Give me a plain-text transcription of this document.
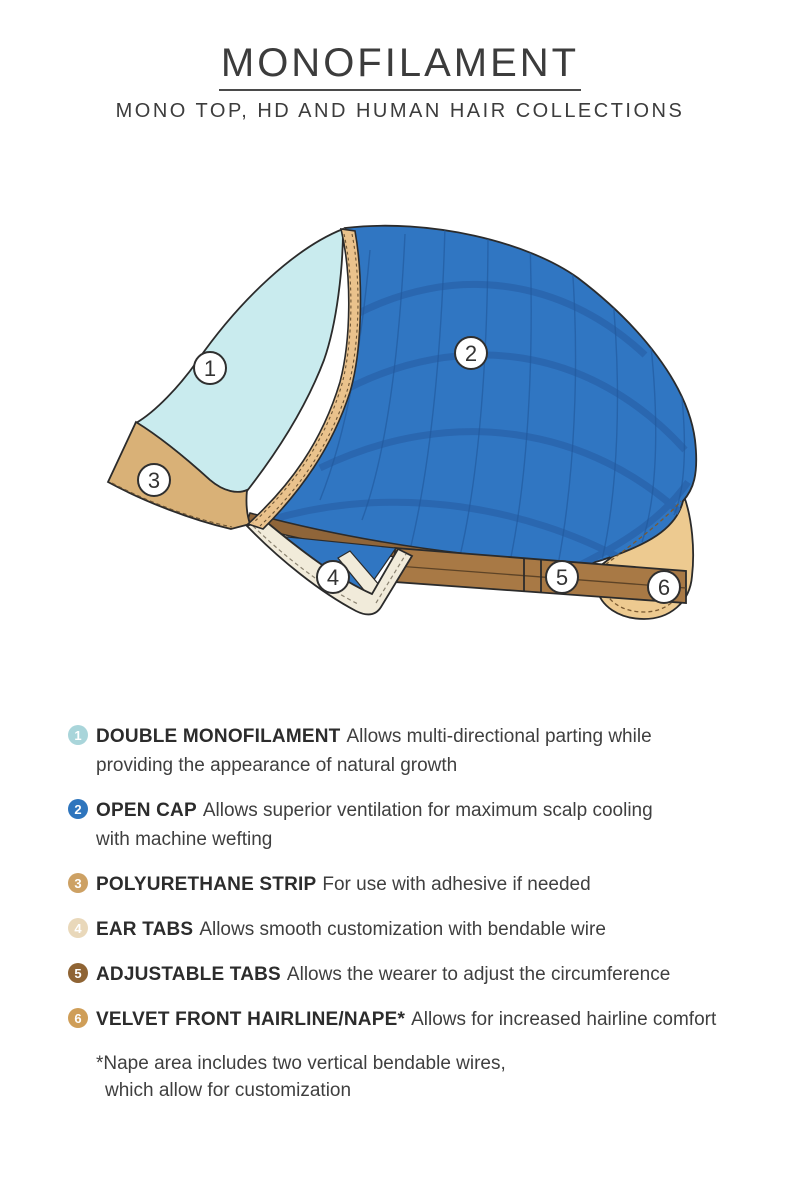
MONOFILAMENT
MONO TOP, HD AND HUMAN HAIR COLLECTIONS
1
2
3
4	5	6
1 DOUBLE MONOFILAMENT Allows multi-directional parting while
providing the appearance of natural growth
2 OPEN CAP Allows superior ventilation for maximum scalp cooling
with machine wefting
3 POLYURETHANE STRIP For use with adhesive if needed
4 EAR TABS Allows smooth customization with bendable wire
5 ADJUSTABLE TABS Allows the wearer to adjust the circumference
6 VELVET FRONT HAIRLINE/NAPE* Allows for increased hairline comfort
*Nape area includes two vertical bendable wires,
which allow for customization
